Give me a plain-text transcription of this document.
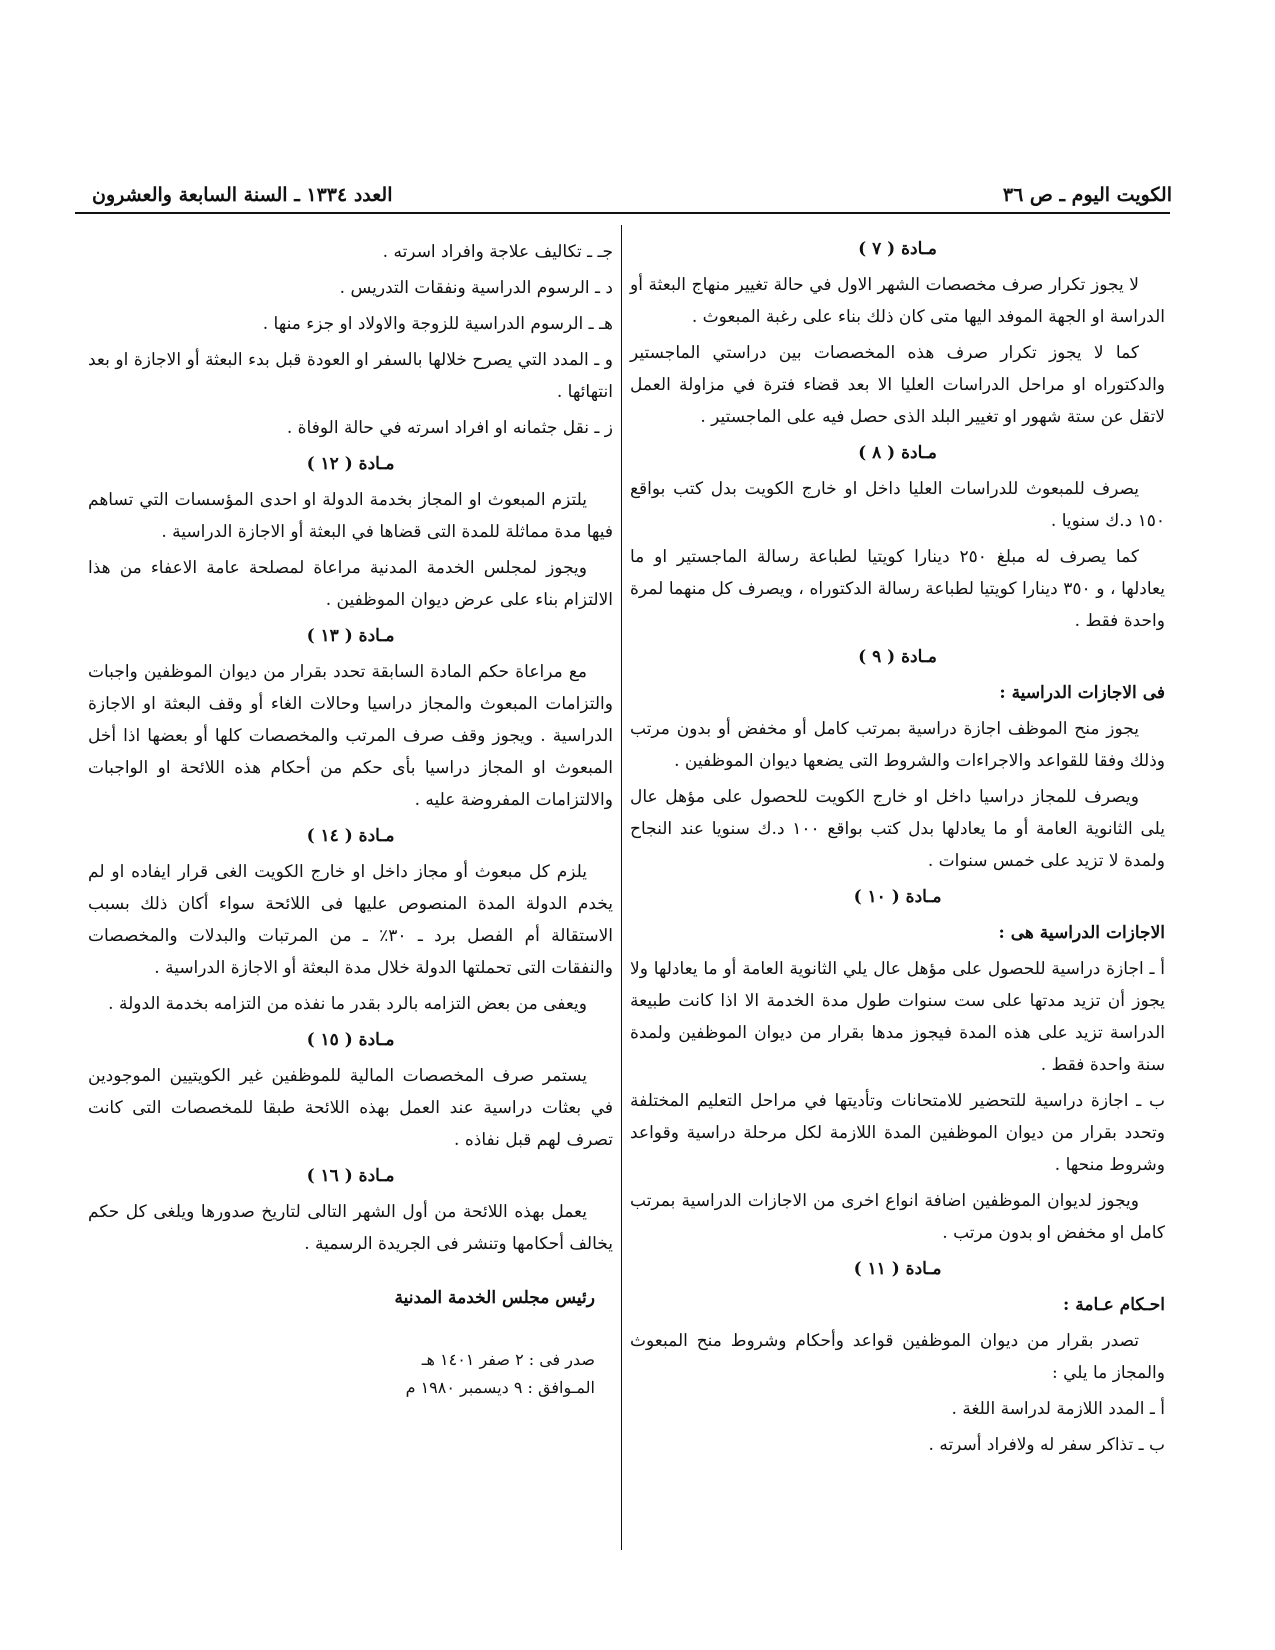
الكويت اليوم ـ ص ٣٦
العدد ١٣٣٤ ـ السنة السابعة والعشرون

مـادة ( ٧ )

لا يجوز تكرار صرف مخصصات الشهر الاول في حالة تغيير منهاج البعثة أو الدراسة او الجهة الموفد اليها متى كان ذلك بناء على رغبة المبعوث .

كما لا يجوز تكرار صرف هذه المخصصات بين دراستي الماجستير والدكتوراه او مراحل الدراسات العليا الا بعد قضاء فترة في مزاولة العمل لاتقل عن ستة شهور او تغيير البلد الذى حصل فيه على الماجستير .

مـادة ( ٨ )

يصرف للمبعوث للدراسات العليا داخل او خارج الكويت بدل كتب بواقع ١٥٠ د.ك سنويا .

كما يصرف له مبلغ ٢٥٠ دينارا كويتيا لطباعة رسالة الماجستير او ما يعادلها ، و ٣٥٠ دينارا كويتيا لطباعة رسالة الدكتوراه ، ويصرف كل منهما لمرة واحدة فقط .

مـادة ( ٩ )

فى الاجازات الدراسية :

يجوز منح الموظف اجازة دراسية بمرتب كامل أو مخفض أو بدون مرتب وذلك وفقا للقواعد والاجراءات والشروط التى يضعها ديوان الموظفين .

ويصرف للمجاز دراسيا داخل او خارج الكويت للحصول على مؤهل عال يلى الثانوية العامة أو ما يعادلها بدل كتب بواقع ١٠٠ د.ك سنويا عند النجاح ولمدة لا تزيد على خمس سنوات .

مـادة ( ١٠ )

الاجازات الدراسية هى :

أ ـ اجازة دراسية للحصول على مؤهل عال يلي الثانوية العامة أو ما يعادلها ولا يجوز أن تزيد مدتها على ست سنوات طول مدة الخدمة الا اذا كانت طبيعة الدراسة تزيد على هذه المدة فيجوز مدها بقرار من ديوان الموظفين ولمدة سنة واحدة فقط .

ب ـ اجازة دراسية للتحضير للامتحانات وتأديتها في مراحل التعليم المختلفة وتحدد بقرار من ديوان الموظفين المدة اللازمة لكل مرحلة دراسية وقواعد وشروط منحها .

ويجوز لديوان الموظفين اضافة انواع اخرى من الاجازات الدراسية بمرتب كامل او مخفض او بدون مرتب .

مـادة ( ١١ )

احـكام عـامة :

تصدر بقرار من ديوان الموظفين قواعد وأحكام وشروط منح المبعوث والمجاز ما يلي :

أ ـ المدد اللازمة لدراسة اللغة .

ب ـ تذاكر سفر له ولافراد أسرته .

جـ ـ تكاليف علاجة وافراد اسرته .

د ـ الرسوم الدراسية ونفقات التدريس .

هـ ـ الرسوم الدراسية للزوجة والاولاد او جزء منها .

و ـ المدد التي يصرح خلالها بالسفر او العودة قبل بدء البعثة أو الاجازة او بعد انتهائها .

ز ـ نقل جثمانه او افراد اسرته في حالة الوفاة .

مـادة ( ١٢ )

يلتزم المبعوث او المجاز بخدمة الدولة او احدى المؤسسات التي تساهم فيها مدة مماثلة للمدة التى قضاها في البعثة أو الاجازة الدراسية .

ويجوز لمجلس الخدمة المدنية مراعاة لمصلحة عامة الاعفاء من هذا الالتزام بناء على عرض ديوان الموظفين .

مـادة ( ١٣ )

مع مراعاة حكم المادة السابقة تحدد بقرار من ديوان الموظفين واجبات والتزامات المبعوث والمجاز دراسيا وحالات الغاء أو وقف البعثة او الاجازة الدراسية . ويجوز وقف صرف المرتب والمخصصات كلها أو بعضها اذا أخل المبعوث او المجاز دراسيا بأى حكم من أحكام هذه اللائحة او الواجبات والالتزامات المفروضة عليه .

مـادة ( ١٤ )

يلزم كل مبعوث أو مجاز داخل او خارج الكويت الغى قرار ايفاده او لم يخدم الدولة المدة المنصوص عليها فى اللائحة سواء أكان ذلك بسبب الاستقالة أم الفصل برد ـ ٣٠٪ ـ من المرتبات والبدلات والمخصصات والنفقات التى تحملتها الدولة خلال مدة البعثة أو الاجازة الدراسية .

ويعفى من بعض التزامه بالرد بقدر ما نفذه من التزامه بخدمة الدولة .

مـادة ( ١٥ )

يستمر صرف المخصصات المالية للموظفين غير الكويتيين الموجودين في بعثات دراسية عند العمل بهذه اللائحة طبقا للمخصصات التى كانت تصرف لهم قبل نفاذه .

مـادة ( ١٦ )

يعمل بهذه اللائحة من أول الشهر التالى لتاريخ صدورها ويلغى كل حكم يخالف أحكامها وتنشر فى الجريدة الرسمية .

رئيس مجلس الخدمة المدنية

صدر فى : ٢ صفر ١٤٠١ هـ
المـوافق : ٩ ديسمبر ١٩٨٠ م
